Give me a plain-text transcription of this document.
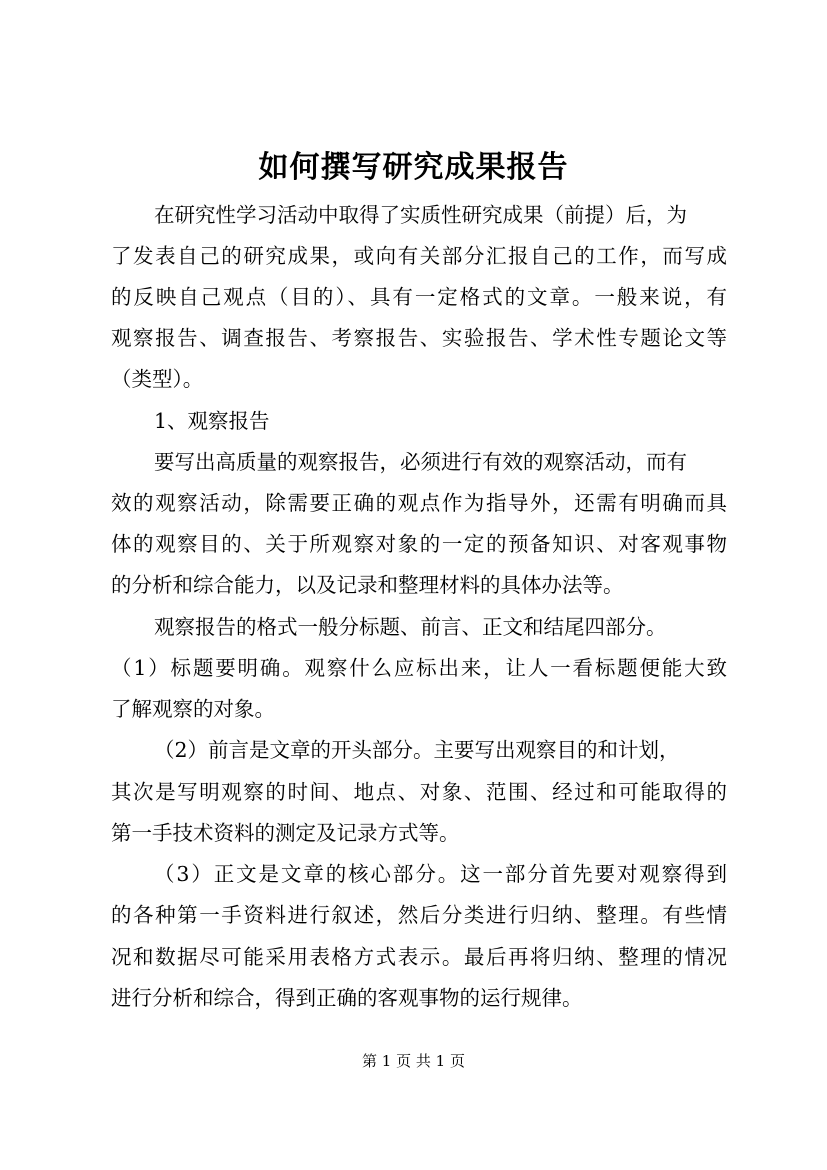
如何撰写研究成果报告
在研究性学习活动中取得了实质性研究成果（前提）后，为
了发表自己的研究成果，或向有关部分汇报自己的工作，而写成
的反映自己观点（目的）、具有一定格式的文章。一般来说，有
观察报告、调查报告、考察报告、实验报告、学术性专题论文等
（类型）。
1、观察报告
要写出高质量的观察报告，必须进行有效的观察活动，而有
效的观察活动，除需要正确的观点作为指导外，还需有明确而具
体的观察目的、关于所观察对象的一定的预备知识、对客观事物
的分析和综合能力，以及记录和整理材料的具体办法等。
观察报告的格式一般分标题、前言、正文和结尾四部分。
（1）标题要明确。观察什么应标出来，让人一看标题便能大致
了解观察的对象。
（2）前言是文章的开头部分。主要写出观察目的和计划，
其次是写明观察的时间、地点、对象、范围、经过和可能取得的
第一手技术资料的测定及记录方式等。
（3）正文是文章的核心部分。这一部分首先要对观察得到
的各种第一手资料进行叙述，然后分类进行归纳、整理。有些情
况和数据尽可能采用表格方式表示。最后再将归纳、整理的情况
进行分析和综合，得到正确的客观事物的运行规律。
第 1 页 共 1 页
